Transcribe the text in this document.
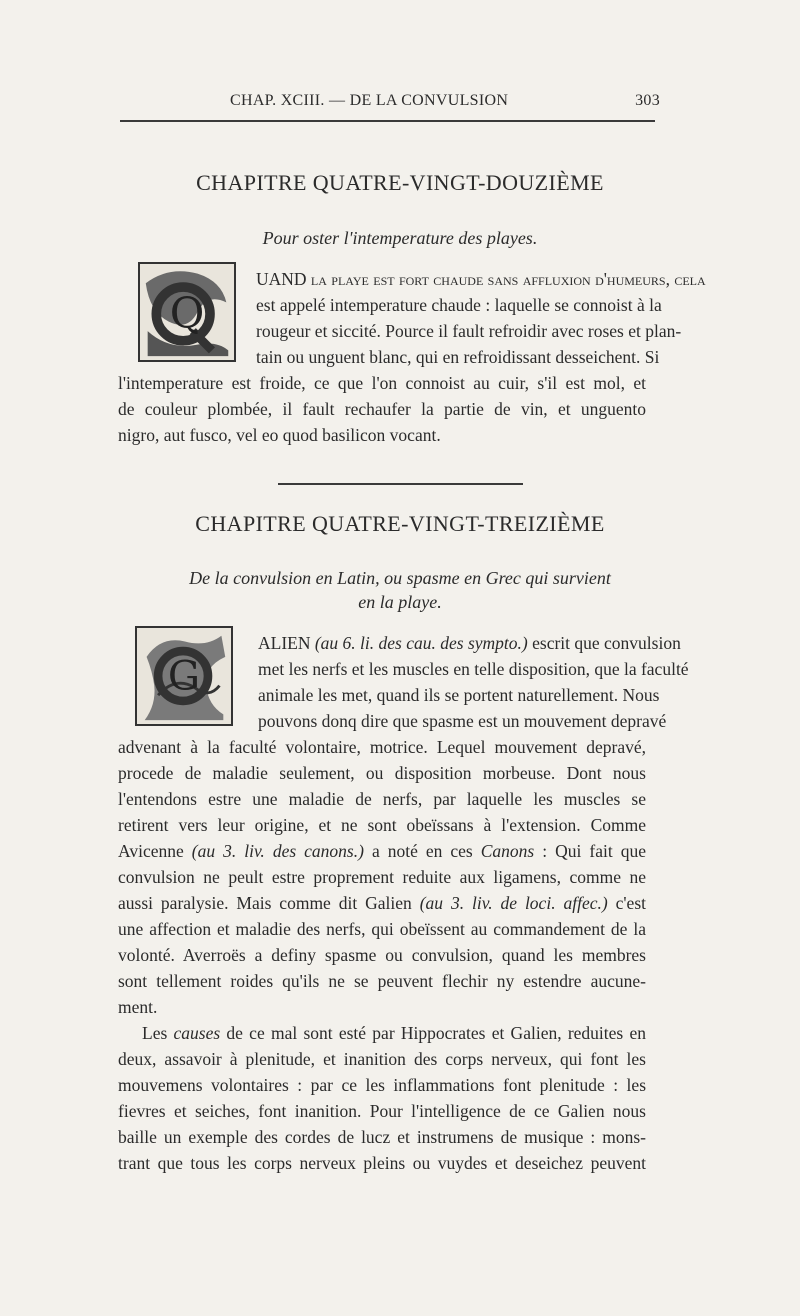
CHAP. XCIII. — DE LA CONVULSION	303
CHAPITRE QUATRE-VINGT-DOUZIÈME
Pour oster l'intemperature des playes.
Q
UAND la playe est fort chaude sans affluxion d'humeurs, cela
est appelé intemperature chaude : laquelle se connoist à la
rougeur et siccité. Pource il fault refroidir avec roses et plan-
tain ou unguent blanc, qui en refroidissant desseichent. Si
l'intemperature est froide, ce que l'on connoist au cuir, s'il est mol, et
de couleur plombée, il fault rechaufer la partie de vin, et unguento
nigro, aut fusco, vel eo quod basilicon vocant.
CHAPITRE QUATRE-VINGT-TREIZIÈME
De la convulsion en Latin, ou spasme en Grec qui survient
en la playe.
G
ALIEN (au 6. li. des cau. des sympto.) escrit que convulsion
met les nerfs et les muscles en telle disposition, que la faculté
animale les met, quand ils se portent naturellement. Nous
pouvons donq dire que spasme est un mouvement depravé
advenant à la faculté volontaire, motrice. Lequel mouvement depravé,
procede de maladie seulement, ou disposition morbeuse. Dont nous
l'entendons estre une maladie de nerfs, par laquelle les muscles se
retirent vers leur origine, et ne sont obeïssans à l'extension. Comme
Avicenne (au 3. liv. des canons.) a noté en ces Canons : Qui fait que
convulsion ne peult estre proprement reduite aux ligamens, comme ne
aussi paralysie. Mais comme dit Galien (au 3. liv. de loci. affec.) c'est
une affection et maladie des nerfs, qui obeïssent au commandement de la
volonté. Averroës a definy spasme ou convulsion, quand les membres
sont tellement roides qu'ils ne se peuvent flechir ny estendre aucune-
ment.
Les causes de ce mal sont esté par Hippocrates et Galien, reduites en
deux, assavoir à plenitude, et inanition des corps nerveux, qui font les
mouvemens volontaires : par ce les inflammations font plenitude : les
fievres et seiches, font inanition. Pour l'intelligence de ce Galien nous
baille un exemple des cordes de lucz et instrumens de musique : mons-
trant que tous les corps nerveux pleins ou vuydes et deseichez peuvent
